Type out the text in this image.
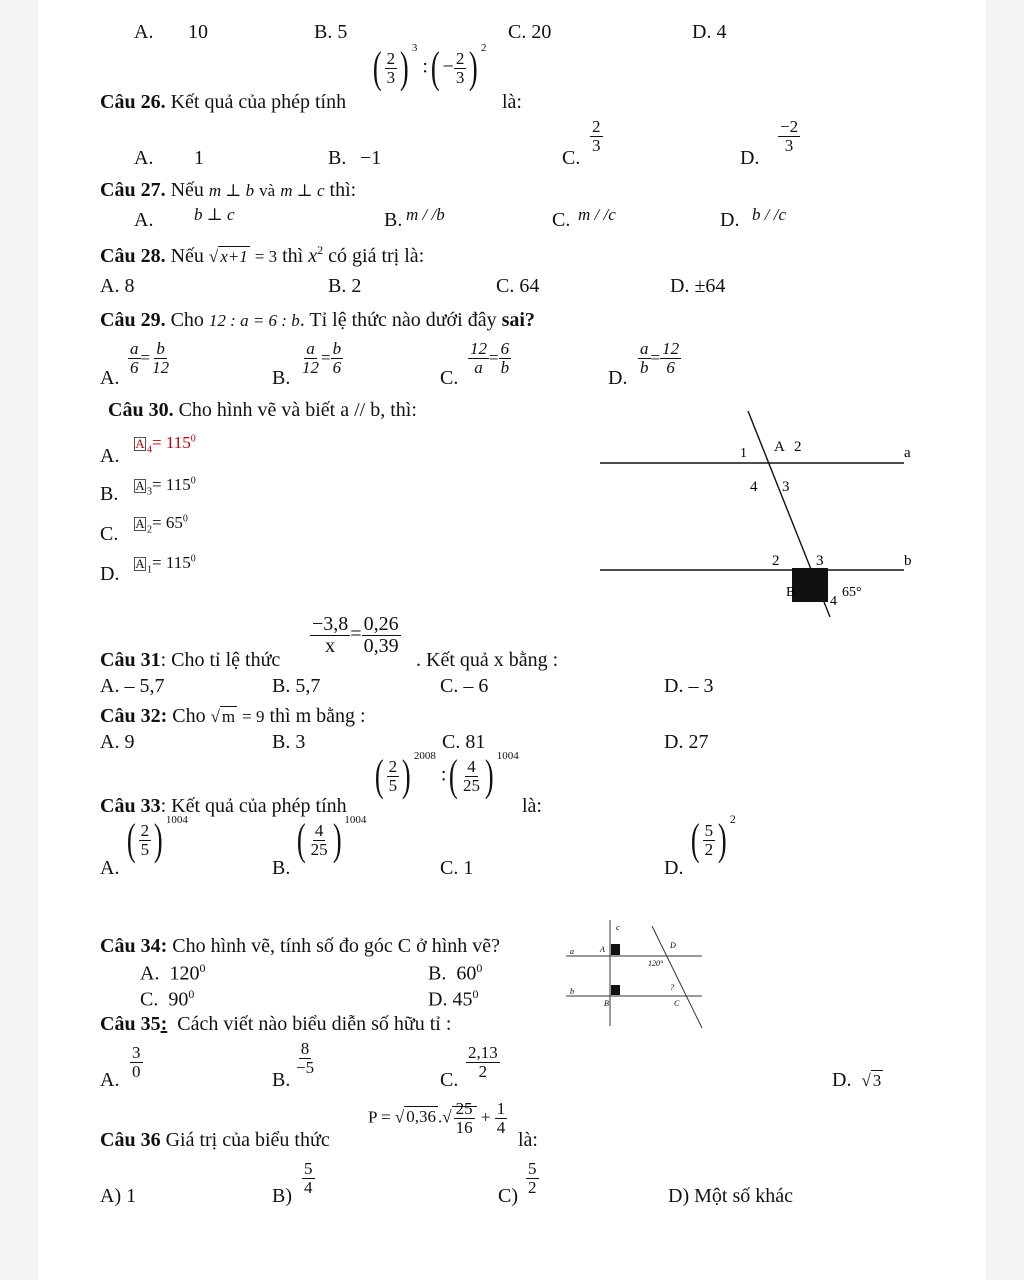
A. 10	B. 5	C. 20	D. 4
Câu 26. Kết quả của phép tính
( $\frac{2}{3}$ ) $^3$ :( − $\frac{2}{3}$ ) $^2$
là:
A. 1	B. −1	C.
$\frac{2}{3}$
D.
$\frac{-2}{3}$
Câu 27. Nếu m ⊥ b và m ⊥ c thì:
A. b ⊥ c	B. m / /b	C. m / /c	D. b / /c
Câu 28. Nếu √ x+1 = 3 thì $x^2$ có giá trị là:
A. 8	B. 2	C. 64	D. ±64
Câu 29. Cho 12 : a = 6 : b. Tỉ lệ thức nào dưới đây sai?
A.
$\frac{a}{6} = \frac{b}{12}$
B.
$\frac{a}{12} = \frac{b}{6}$
C.
$\frac{12}{a} = \frac{6}{b}$
D.
$\frac{a}{b} = \frac{12}{6}$
Câu 30. Cho hình vẽ và biết a // b, thì:
A.
A $_4= 115^0$
B. A $_3= 115^0$
C. A $_2= 65^0$
D. A $_1= 115^0$
1 A 2	a
4 3
2 3	b
B
4
65°
Câu 31: Cho tỉ lệ thức
$\frac{-3,8}{x} = \frac{0,26}{0,39}$
. Kết quả x bằng :
A. – 5,7	B. 5,7	C. – 6	D. – 3
Câu 32: Cho √ m = 9 thì m bằng :
A. 9	B. 3	C. 81	D. 27
Câu 33: Kết quả của phép tính
( $\frac{2}{5}$ ) $^{2008}$ :( $\frac{4}{25}$ ) $^{1004}$
là:
A.
( $\frac{2}{5}$ ) $^{1004}$
B.
( $\frac{4}{25}$ ) $^{1004}$
C. 1	D.
( $\frac{5}{2}$ ) $^2$
Câu 34: Cho hình vẽ, tính số đo góc C ở hình vẽ?
A. $120^0$	B. $60^0$
C. $90^0$	D. $45^0$
c
a	A	D
120°
?
b
B	C
Câu 35: Cách viết nào biểu diễn số hữu tỉ :
A. $\frac{3}{0}$	B.
$\frac{8}{-5}$
C. $\frac{2,13}{2}$	D. √ 3
Câu 36 Giá trị của biểu thức
P = √ 0,36 .√ $\frac{25}{16} + \frac{1}{4}$
là:
A) 1	$B) \frac{5}{4}$	$C) \frac{5}{2}$	D) Một số khác
